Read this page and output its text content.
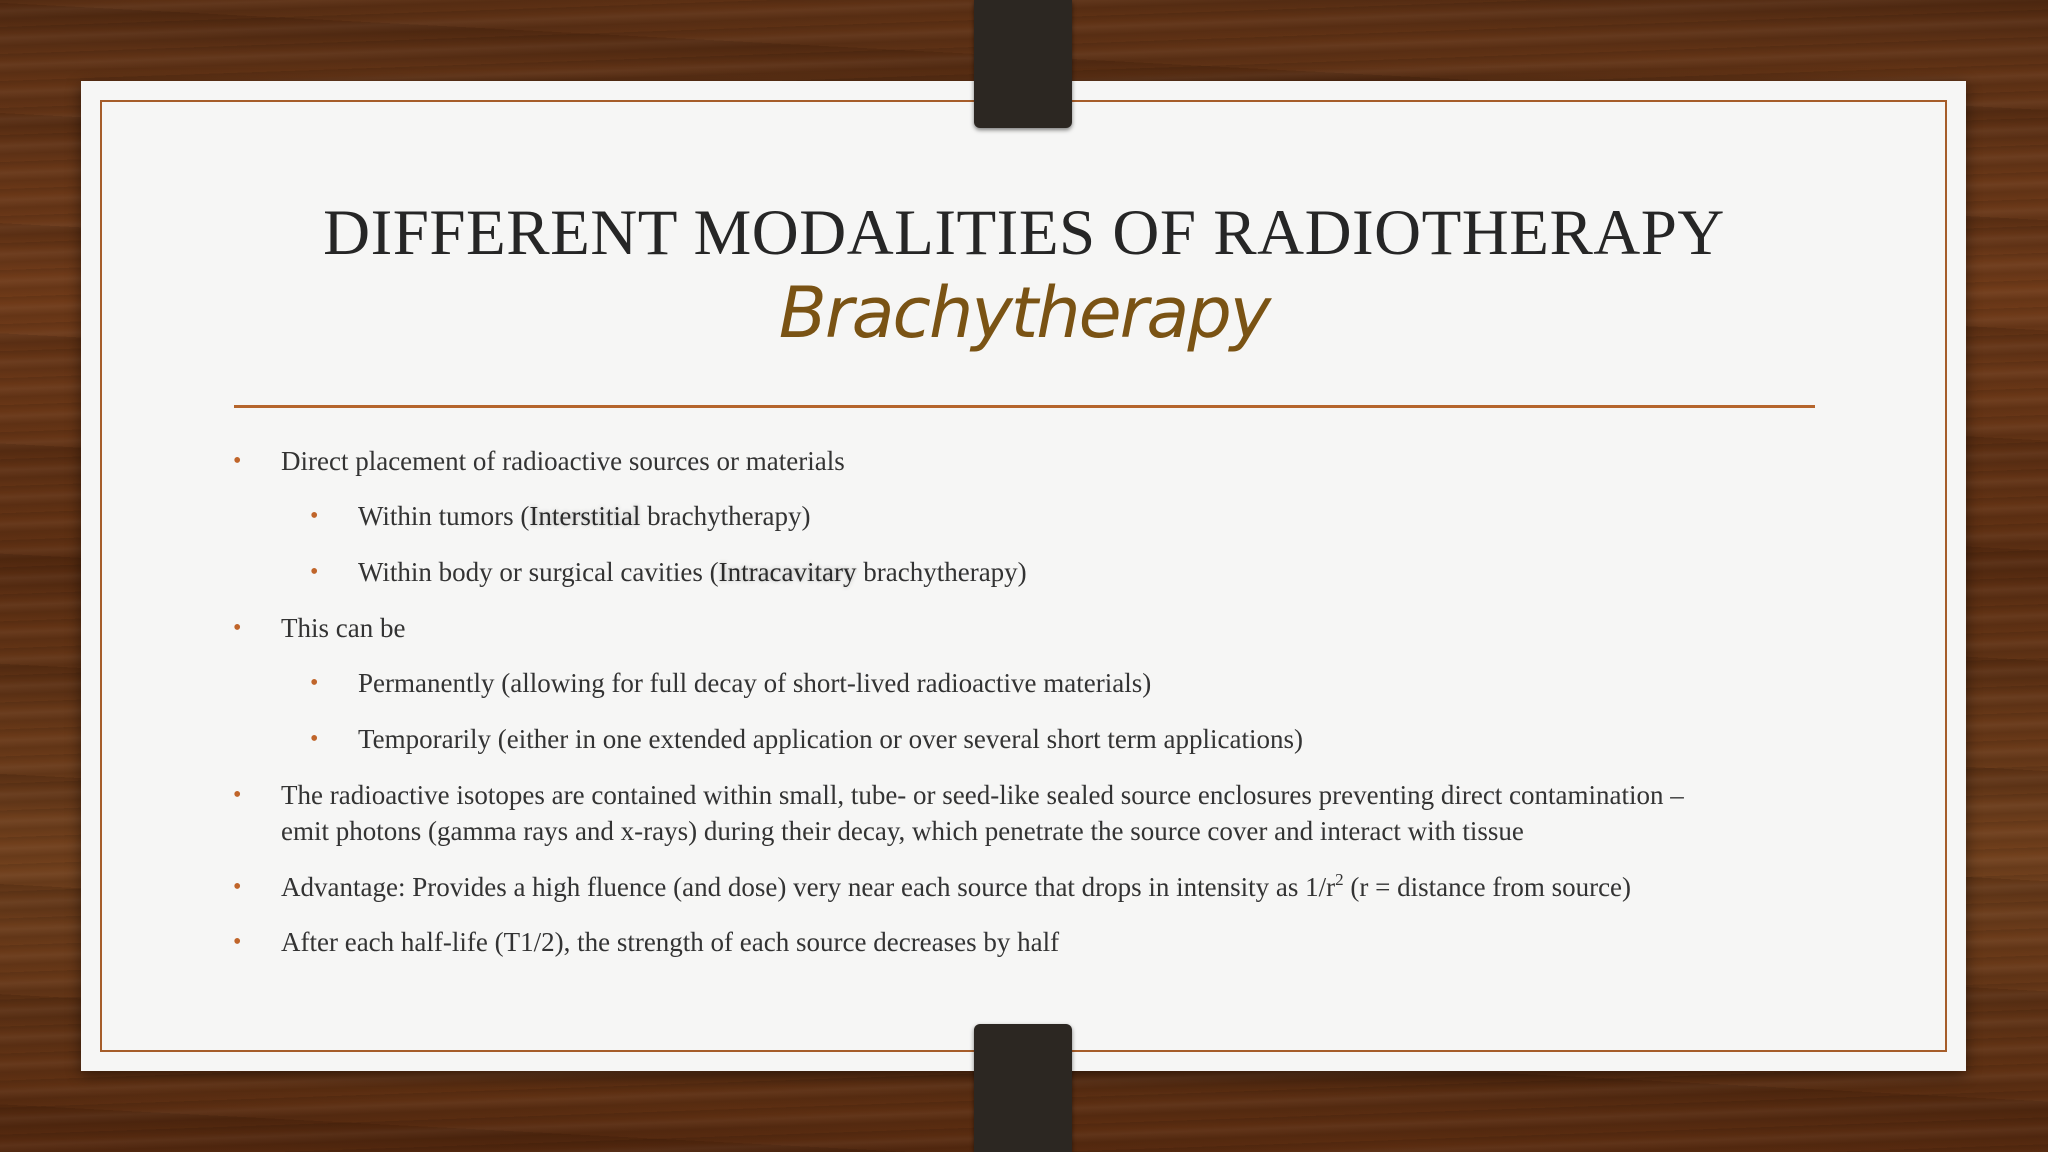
DIFFERENT MODALITIES OF RADIOTHERAPY
Brachytherapy
• Direct placement of radioactive sources or materials
• Within tumors (Interstitial brachytherapy)
• Within body or surgical cavities (Intracavitary brachytherapy)
• This can be
• Permanently (allowing for full decay of short-lived radioactive materials)
• Temporarily (either in one extended application or over several short term applications)
• The radioactive isotopes are contained within small, tube- or seed-like sealed source enclosures preventing direct contamination –
emit photons (gamma rays and x-rays) during their decay, which penetrate the source cover and interact with tissue
• Advantage: Provides a high fluence (and dose) very near each source that drops in intensity as $1/r^2$ (r = distance from source)
• After each half-life (T1/2), the strength of each source decreases by half
